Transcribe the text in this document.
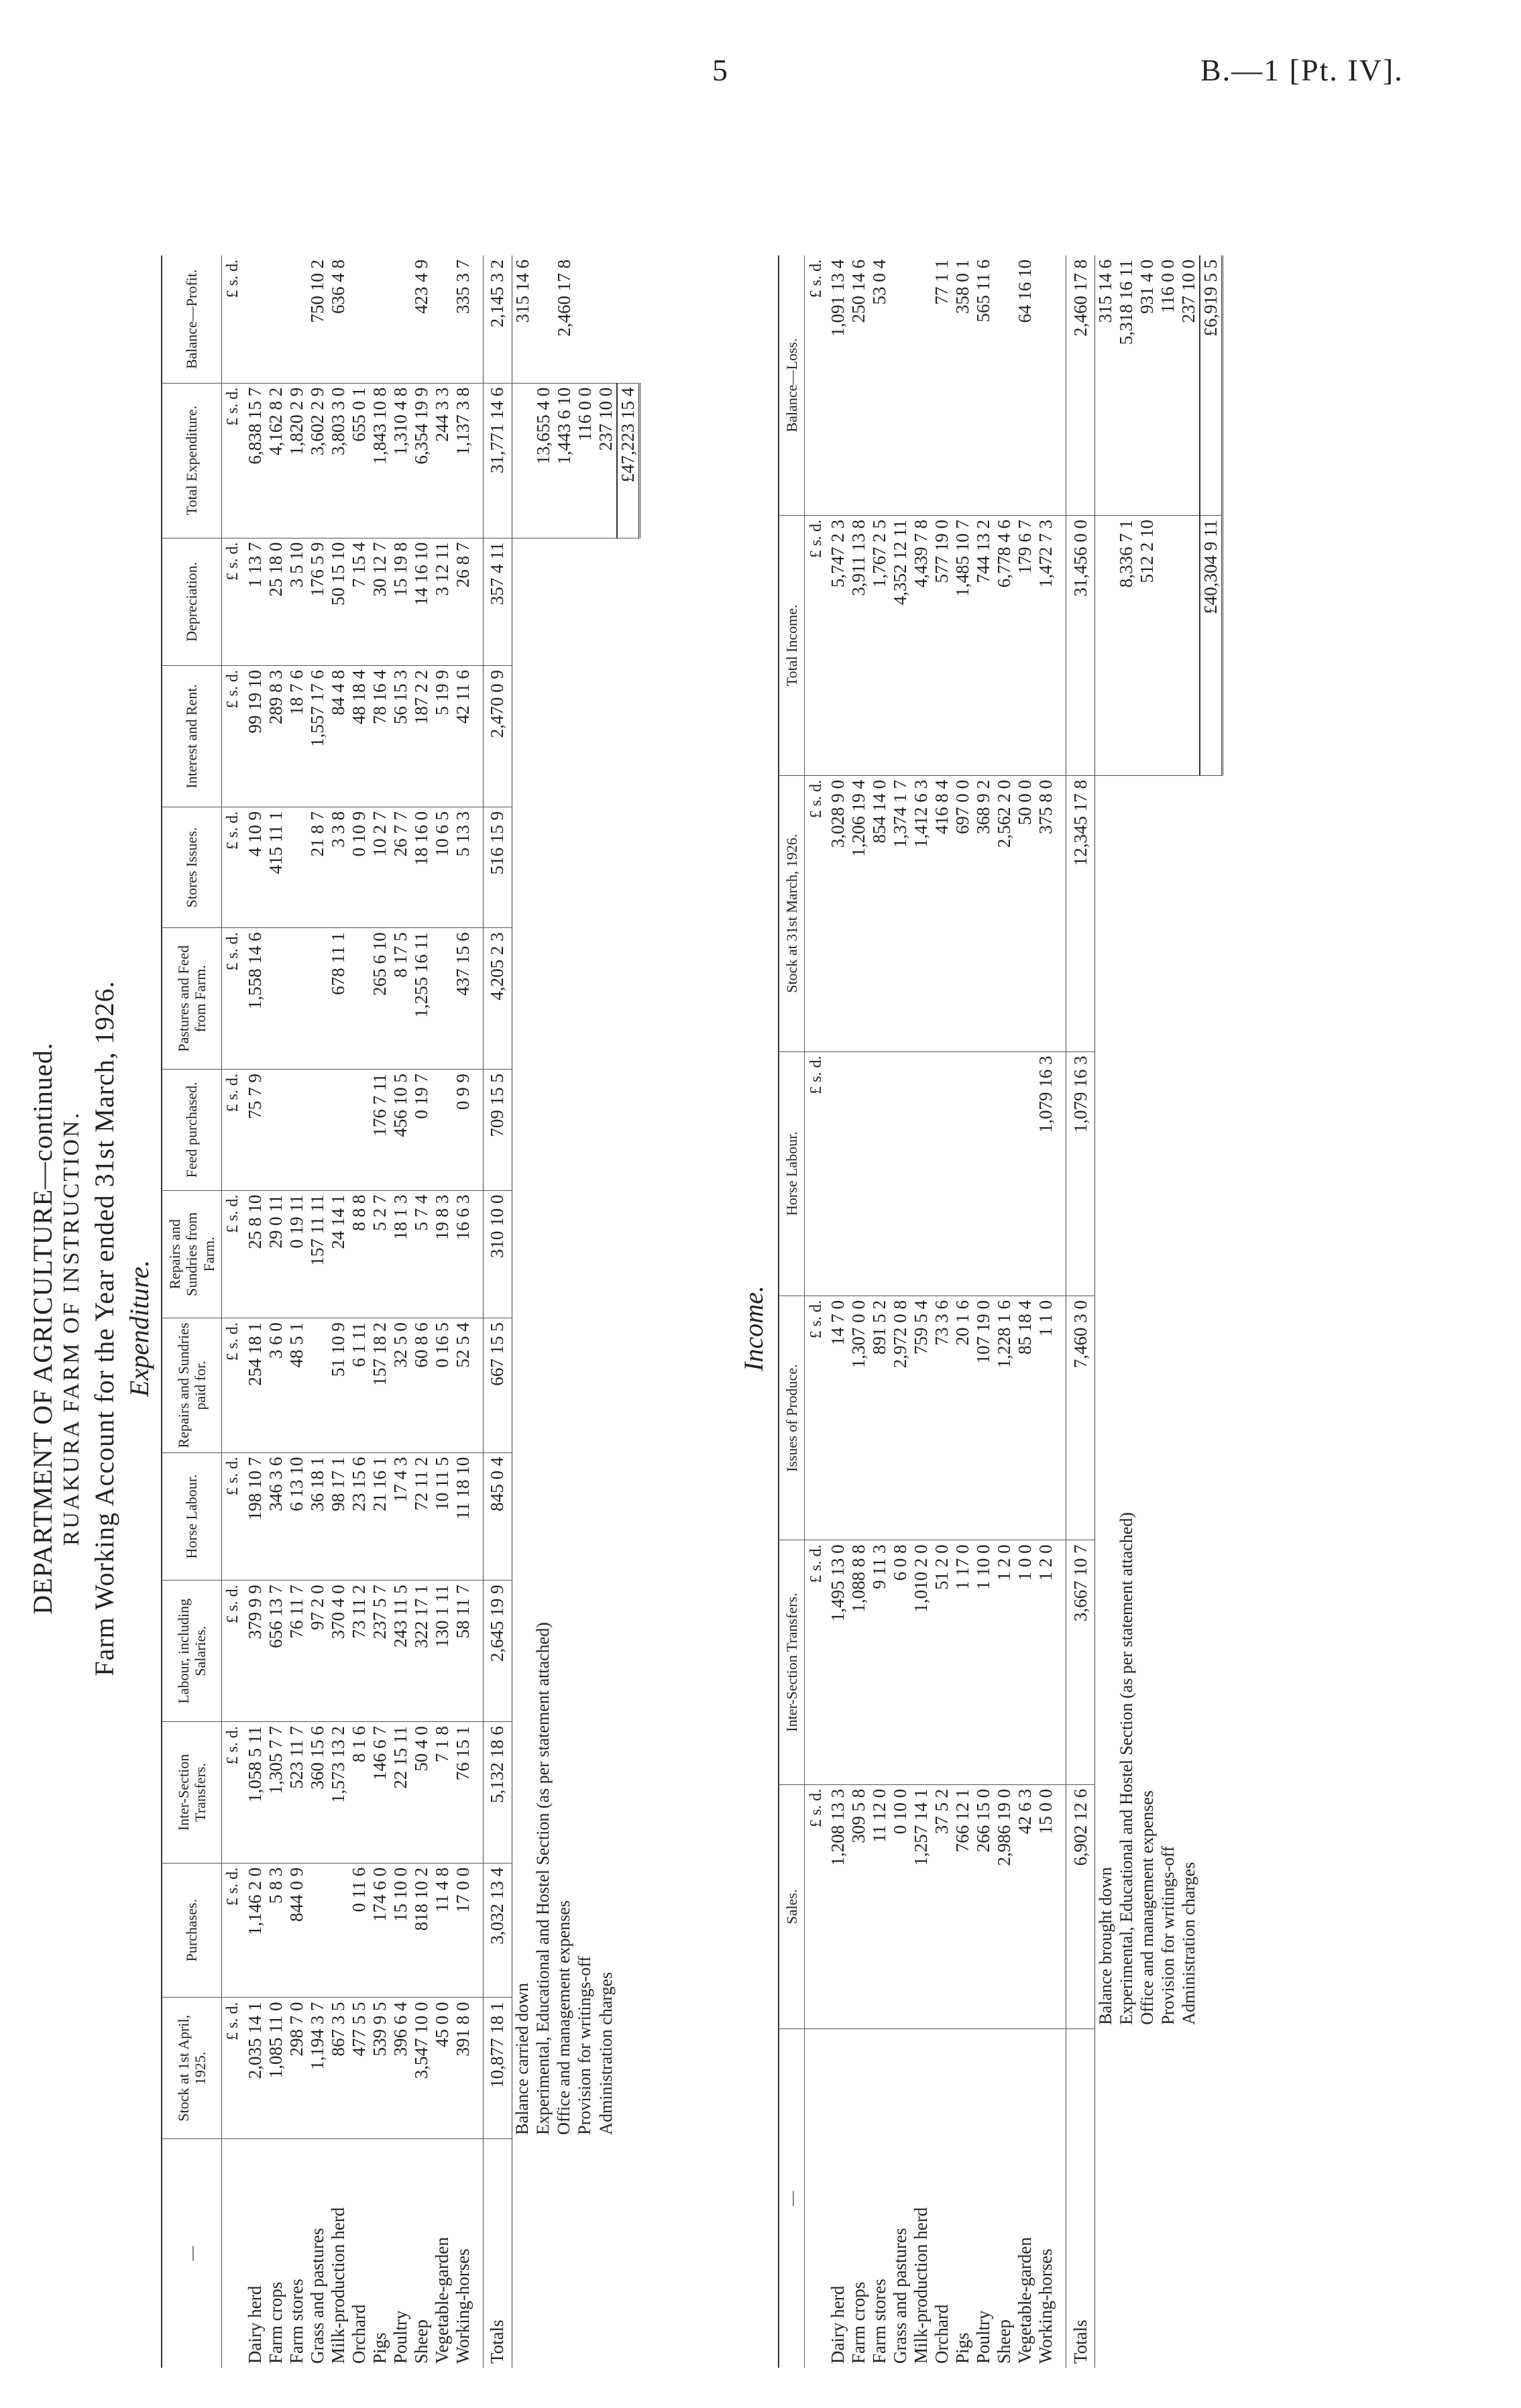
5	B.—1 [Pt. IV].
DEPARTMENT OF AGRICULTURE—continued. RUAKURA FARM OF INSTRUCTION. Farm Working Account for the Year ended 31st March, 1926. Expenditure.
—	Stock at 1st April, 1925.	Purchases.	Inter-Section Transfers.	Labour, including Salaries.	Horse Labour.	Repairs and Sundries paid for.	Repairs and Sundries from Farm.	Feed purchased.	Pastures and Feed from Farm.	Stores Issues.	Interest and Rent.	Depreciation.	Total Expenditure.	Balance—Profit.
	£ s. d.	£ s. d.	£ s. d.	£ s. d.	£ s. d.	£ s. d.	£ s. d.	£ s. d.	£ s. d.	£ s. d.	£ s. d.	£ s. d.	£ s. d.	£ s. d.
Dairy herd	2,035 14 1	1,146 2 0	1,058 5 11	379 9 9	198 10 7	254 18 1	25 8 10	75 7 9	1,558 14 6	4 10 9	99 19 10	1 13 7	6,838 15 7	
Farm crops	1,085 11 0	5 8 3	1,305 7 7	656 13 7	346 3 6	3 6 0	29 0 11			415 11 1	289 8 3	25 18 0	4,162 8 2	
Farm stores	298 7 0	844 0 9	523 11 7	76 11 7	6 13 10	48 5 1	0 19 11				18 7 6	3 5 10	1,820 2 9	
Grass and pastures	1,194 3 7		360 15 6	97 2 0	36 18 1		157 11 11			21 8 7	1,557 17 6	176 5 9	3,602 2 9	750 10 2
Milk-production herd	867 3 5		1,573 13 2	370 4 0	98 17 1	51 10 9	24 14 1		678 11 1	3 3 8	84 4 8	50 15 10	3,803 3 0	636 4 8
Orchard	477 5 5	0 11 6	8 1 6	73 11 2	23 15 6	6 1 11	8 8 8			0 10 9	48 18 4	7 15 4	655 0 1	
Pigs	539 9 5	174 6 0	146 6 7	237 5 7	21 16 1	157 18 2	5 2 7	176 7 11	265 6 10	10 2 7	78 16 4	30 12 7	1,843 10 8	
Poultry	396 6 4	15 10 0	22 15 11	243 11 5	17 4 3	32 5 0	18 1 3	456 10 5	8 17 5	26 7 7	56 15 3	15 19 8	1,310 4 8	
Sheep	3,547 10 0	818 10 2	50 4 0	322 17 1	72 11 2	60 8 6	5 7 4	0 19 7	1,255 16 11	18 16 0	187 2 2	14 16 10	6,354 19 9	423 4 9
Vegetable-garden	45 0 0	11 4 8	7 1 8	130 1 11	10 11 5	0 16 5	19 8 3			10 6 5	5 19 9	3 12 11	244 3 3	
Working-horses	391 8 0	17 0 0	76 15 1	58 11 7	11 18 10	52 5 4	16 6 3	0 9 9	437 15 6	5 13 3	42 11 6	26 8 7	1,137 3 8	335 3 7

Totals	10,877 18 1	3,032 13 4	5,132 18 6	2,645 19 9	845 0 4	667 15 5	310 10 0	709 15 5	4,205 2 3	516 15 9	2,470 0 9	357 4 11	31,771 14 6	2,145 3 2
	Balance carried down													315 14 6
	Experimental, Educational and Hostel Section (as per statement attached)												13,655 4 0	
	Office and management expenses												1,443 6 10	2,460 17 8
	Provision for writings-off												116 0 0	
	Administration charges												237 10 0	
													£47,223 15 4	
Income.
—	Sales.	Inter-Section Transfers.	Issues of Produce.	Horse Labour.	Stock at 31st March, 1926.	Total Income.	Balance—Loss.
	£ s. d.	£ s. d.	£ s. d.	£ s. d.	£ s. d.	£ s. d.	£ s. d.
Dairy herd	1,208 13 3	1,495 13 0	14 7 0		3,028 9 0	5,747 2 3	1,091 13 4
Farm crops	309 5 8	1,088 8 8	1,307 0 0		1,206 19 4	3,911 13 8	250 14 6
Farm stores	11 12 0	9 11 3	891 5 2		854 14 0	1,767 2 5	53 0 4
Grass and pastures	0 10 0	6 0 8	2,972 0 8		1,374 1 7	4,352 12 11	
Milk-production herd	1,257 14 1	1,010 2 0	759 5 4		1,412 6 3	4,439 7 8	
Orchard	37 5 2	51 2 0	73 3 6		416 8 4	577 19 0	77 1 1
Pigs	766 12 1	1 17 0	20 1 6		697 0 0	1,485 10 7	358 0 1
Poultry	266 15 0	1 10 0	107 19 0		368 9 2	744 13 2	565 11 6
Sheep	2,986 19 0	1 2 0	1,228 1 6		2,562 2 0	6,778 4 6	
Vegetable-garden	42 6 3	1 0 0	85 18 4		50 0 0	179 6 7	64 16 10
Working-horses	15 0 0	1 2 0	1 1 0	1,079 16 3	375 8 0	1,472 7 3	

Totals	6,902 12 6	3,667 10 7	7,460 3 0	1,079 16 3	12,345 17 8	31,456 0 0	2,460 17 8
	Balance brought down						315 14 6
	Experimental, Educational and Hostel Section (as per statement attached)					8,336 7 1	5,318 16 11
	Office and management expenses					512 2 10	931 4 0
	Provision for writings-off						116 0 0
	Administration charges						237 10 0
						£40,304 9 11	£6,919 5 5
